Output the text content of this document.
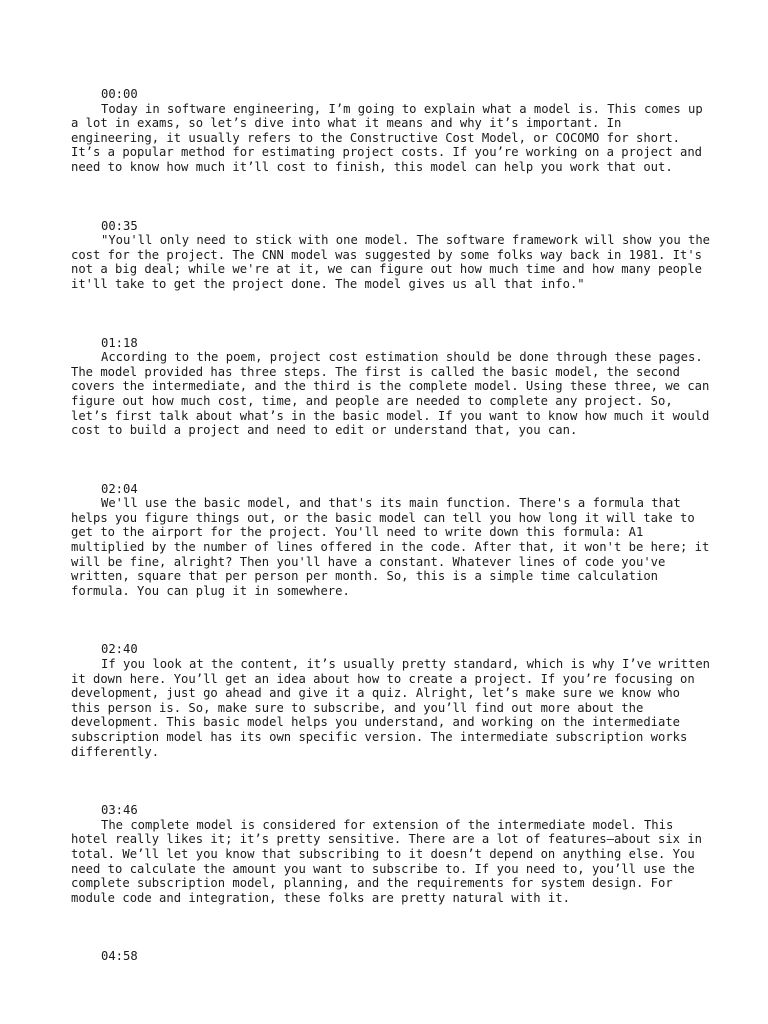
00:00
Today in software engineering, I’m going to explain what a model is. This comes up a lot in exams, so let’s dive into what it means and why it’s important. In engineering, it usually refers to the Constructive Cost Model, or COCOMO for short. It’s a popular method for estimating project costs. If you’re working on a project and need to know how much it’ll cost to finish, this model can help you work that out.
00:35
"You'll only need to stick with one model. The software framework will show you the cost for the project. The CNN model was suggested by some folks way back in 1981. It's not a big deal; while we're at it, we can figure out how much time and how many people it'll take to get the project done. The model gives us all that info."
01:18
According to the poem, project cost estimation should be done through these pages. The model provided has three steps. The first is called the basic model, the second covers the intermediate, and the third is the complete model. Using these three, we can figure out how much cost, time, and people are needed to complete any project. So, let’s first talk about what’s in the basic model. If you want to know how much it would cost to build a project and need to edit or understand that, you can.
02:04
We'll use the basic model, and that's its main function. There's a formula that helps you figure things out, or the basic model can tell you how long it will take to get to the airport for the project. You'll need to write down this formula: A1 multiplied by the number of lines offered in the code. After that, it won't be here; it will be fine, alright? Then you'll have a constant. Whatever lines of code you've written, square that per person per month. So, this is a simple time calculation formula. You can plug it in somewhere.
02:40
If you look at the content, it’s usually pretty standard, which is why I’ve written it down here. You’ll get an idea about how to create a project. If you’re focusing on development, just go ahead and give it a quiz. Alright, let’s make sure we know who this person is. So, make sure to subscribe, and you’ll find out more about the development. This basic model helps you understand, and working on the intermediate subscription model has its own specific version. The intermediate subscription works differently.
03:46
The complete model is considered for extension of the intermediate model. This hotel really likes it; it’s pretty sensitive. There are a lot of features—about six in total. We’ll let you know that subscribing to it doesn’t depend on anything else. You need to calculate the amount you want to subscribe to. If you need to, you’ll use the complete subscription model, planning, and the requirements for system design. For module code and integration, these folks are pretty natural with it.
04:58
